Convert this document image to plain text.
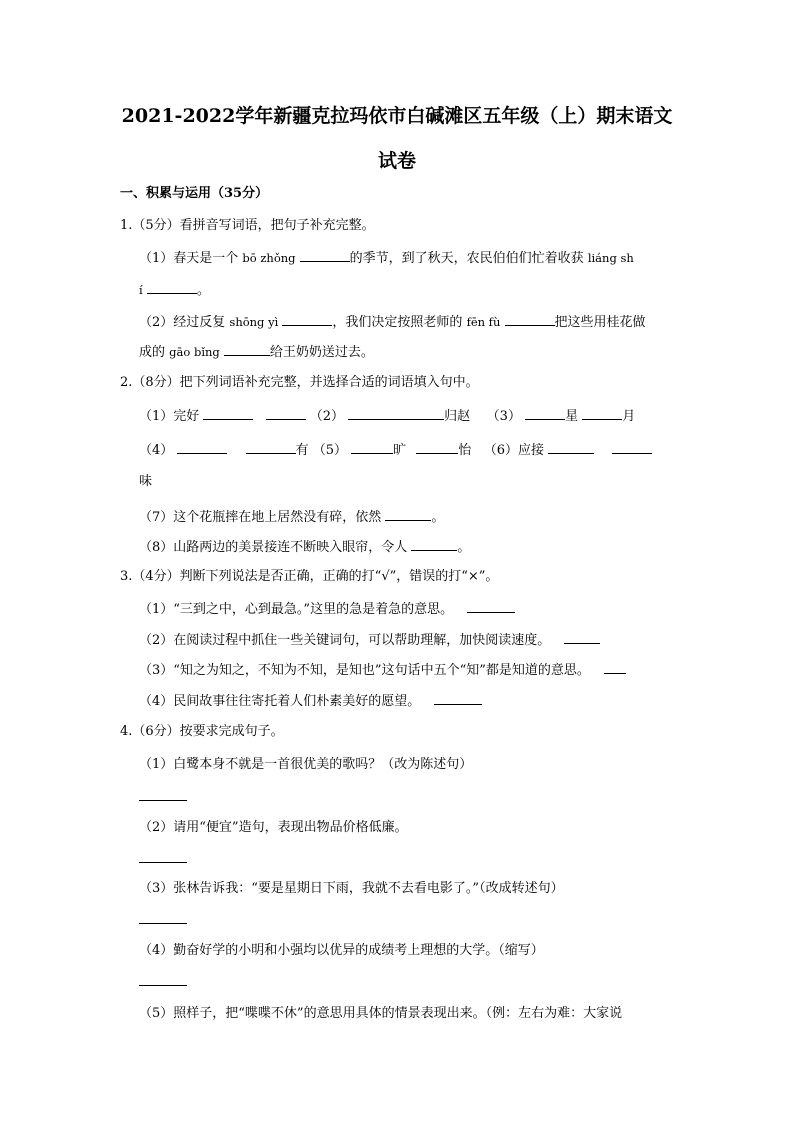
2021-2022学年新疆克拉玛依市白碱滩区五年级（上）期末语文
试卷
一、积累与运用（35分）
1.（5分）看拼音写词语，把句子补充完整。
（1）春天是一个 bō zhǒng	的季节，到了秋天，农民伯伯们忙着收获 liáng sh
í	。
（2）经过反复 shōng yì	，我们决定按照老师的 fēn fù	把这些用桂花做
成的 gāo bǐng	给王奶奶送过去。
2.（8分）把下列词语补充完整，并选择合适的词语填入句中。
（1）完好	（2）	归赵 （3）	星	月
（4）	有 （5）	旷	怡 （6）应接
味
（7）这个花瓶摔在地上居然没有碎，依然	。
（8）山路两边的美景接连不断映入眼帘，令人	。
3.（4分）判断下列说法是否正确，正确的打“√”，错误的打“×”。
（1）“三到之中，心到最急。”这里的急是着急的意思。
（2）在阅读过程中抓住一些关键词句，可以帮助理解，加快阅读速度。
（3）“知之为知之，不知为不知，是知也”这句话中五个“知”都是知道的意思。
（4）民间故事往往寄托着人们朴素美好的愿望。
4.（6分）按要求完成句子。
（1）白鹭本身不就是一首很优美的歌吗？（改为陈述句）
（2）请用“便宜”造句，表现出物品价格低廉。
（3）张林告诉我：“要是星期日下雨，我就不去看电影了。”（改成转述句）
（4）勤奋好学的小明和小强均以优异的成绩考上理想的大学。（缩写）
（5）照样子，把“喋喋不休”的意思用具体的情景表现出来。（例：左右为难：大家说
